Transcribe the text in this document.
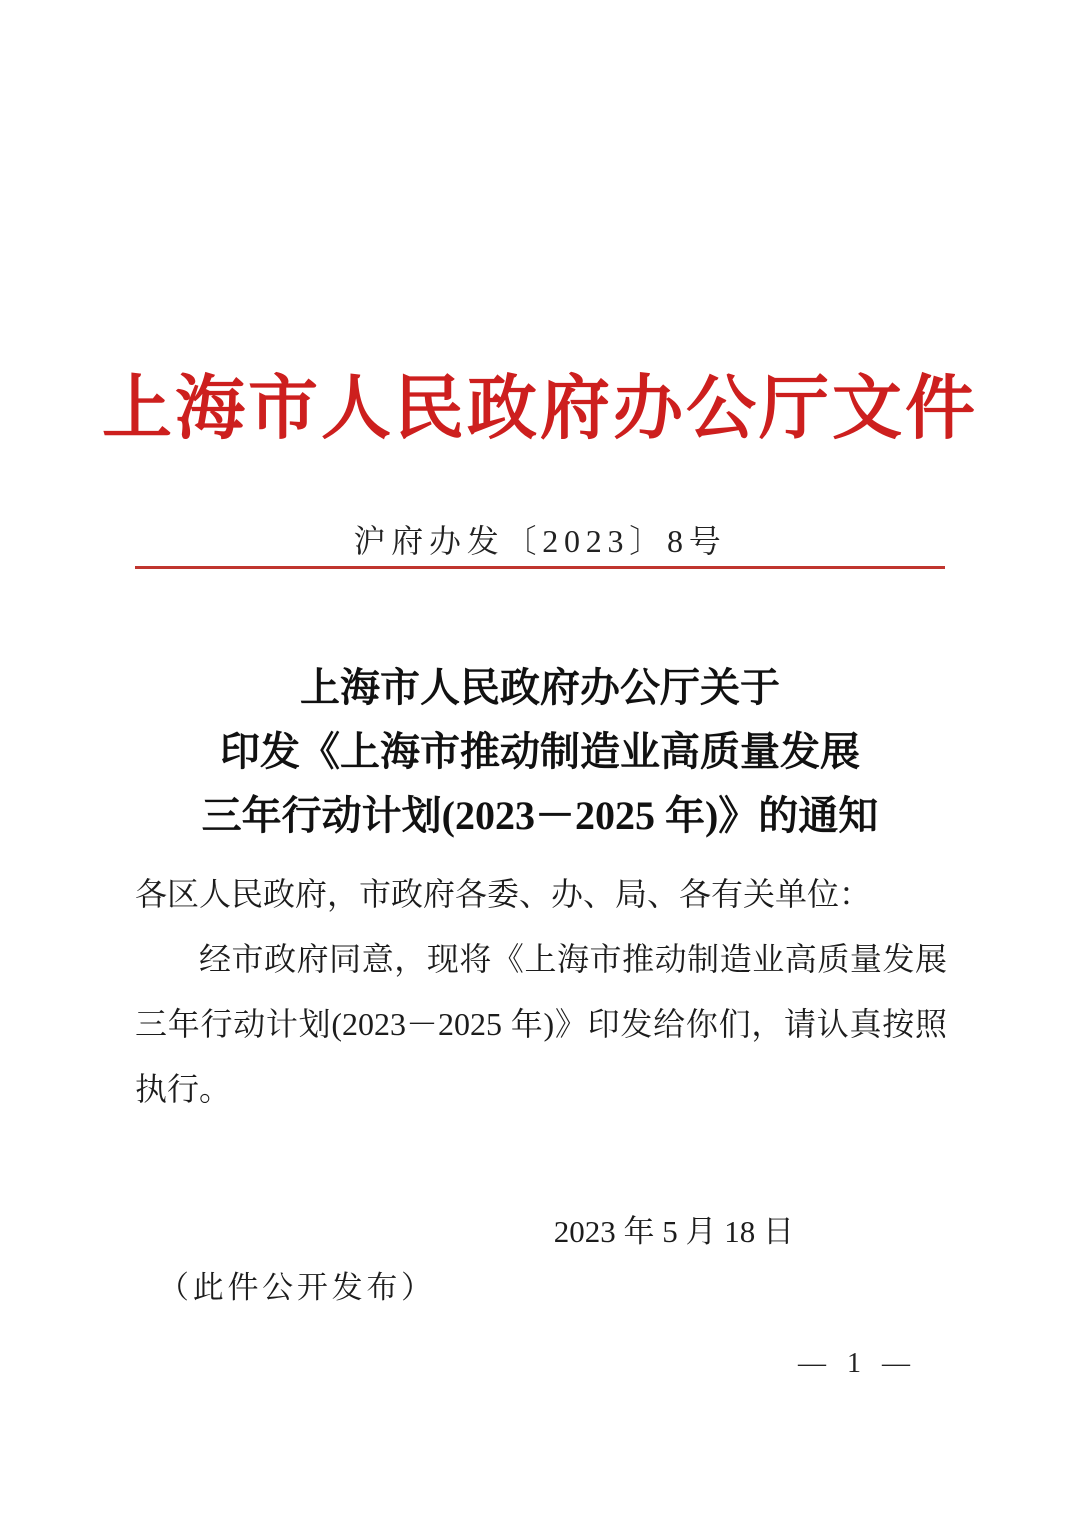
上海市人民政府办公厅文件
沪府办发〔2023〕8号
上海市人民政府办公厅关于
印发《上海市推动制造业高质量发展
三年行动计划(2023－2025 年)》的通知

各区人民政府，市政府各委、办、局、各有关单位：

经市政府同意，现将《上海市推动制造业高质量发展三年行动计划(2023－2025 年)》印发给你们，请认真按照执行。

2023 年 5 月 18 日
（此件公开发布）
— 1 —
